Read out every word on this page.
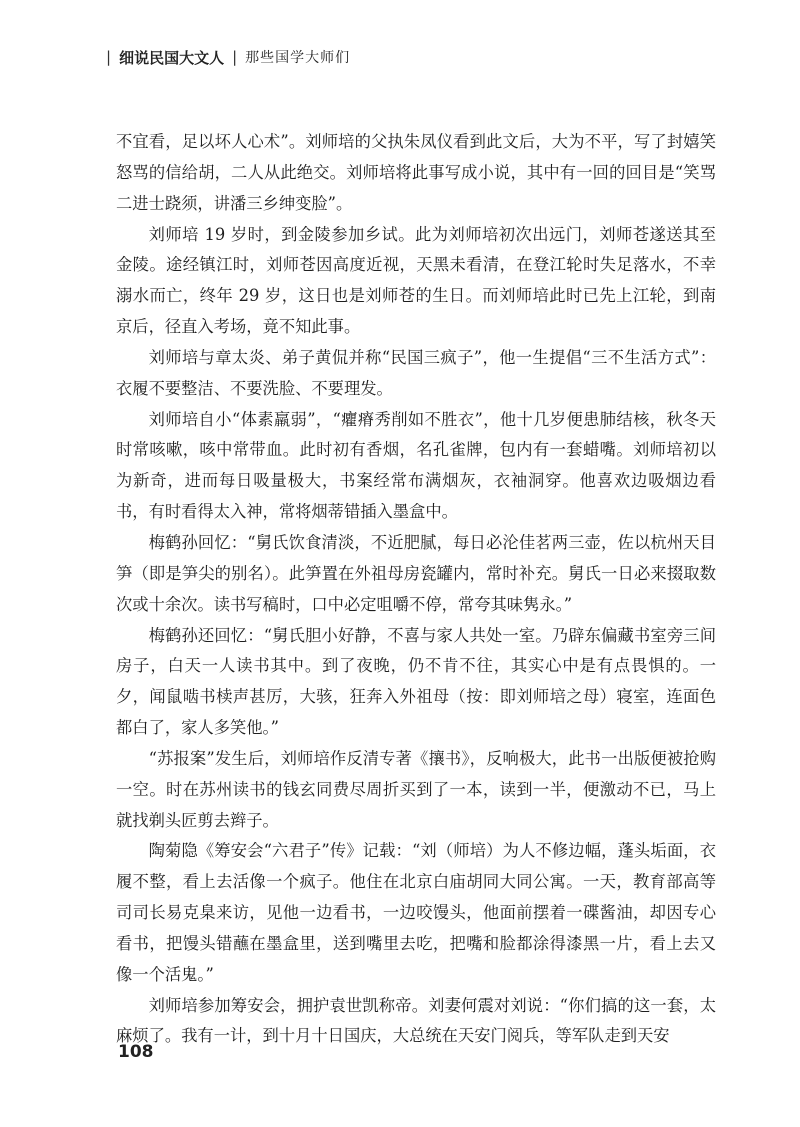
| 细说民国大文人 | 那些国学大师们

不宜看，足以坏人心术”。刘师培的父执朱凤仪看到此文后，大为不平，写了封嬉笑怒骂的信给胡，二人从此绝交。刘师培将此事写成小说，其中有一回的回目是“笑骂二进士跷须，讲潘三乡绅变脸”。

刘师培 19 岁时，到金陵参加乡试。此为刘师培初次出远门，刘师苍遂送其至金陵。途经镇江时，刘师苍因高度近视，天黑未看清，在登江轮时失足落水，不幸溺水而亡，终年 29 岁，这日也是刘师苍的生日。而刘师培此时已先上江轮，到南京后，径直入考场，竟不知此事。

刘师培与章太炎、弟子黄侃并称“民国三疯子”，他一生提倡“三不生活方式”：衣履不要整洁、不要洗脸、不要理发。

刘师培自小“体素羸弱”，“癯瘠秀削如不胜衣”，他十几岁便患肺结核，秋冬天时常咳嗽，咳中常带血。此时初有香烟，名孔雀牌，包内有一套蜡嘴。刘师培初以为新奇，进而每日吸量极大，书案经常布满烟灰，衣袖洞穿。他喜欢边吸烟边看书，有时看得太入神，常将烟蒂错插入墨盒中。

梅鹤孙回忆：“舅氏饮食清淡，不近肥腻，每日必沦佳茗两三壶，佐以杭州天目笋（即是笋尖的别名）。此笋置在外祖母房瓷罐内，常时补充。舅氏一日必来掇取数次或十余次。读书写稿时，口中必定咀嚼不停，常夸其味隽永。”

梅鹤孙还回忆：“舅氏胆小好静，不喜与家人共处一室。乃辟东偏藏书室旁三间房子，白天一人读书其中。到了夜晚，仍不肯不往，其实心中是有点畏惧的。一夕，闻鼠啮书椟声甚厉，大骇，狂奔入外祖母（按：即刘师培之母）寝室，连面色都白了，家人多笑他。”

“苏报案”发生后，刘师培作反清专著《攘书》，反响极大，此书一出版便被抢购一空。时在苏州读书的钱玄同费尽周折买到了一本，读到一半，便激动不已，马上就找剃头匠剪去辫子。

陶菊隐《筹安会“六君子”传》记载：“刘（师培）为人不修边幅，蓬头垢面，衣履不整，看上去活像一个疯子。他住在北京白庙胡同大同公寓。一天，教育部高等司司长易克臬来访，见他一边看书，一边咬馒头，他面前摆着一碟酱油，却因专心看书，把馒头错蘸在墨盒里，送到嘴里去吃，把嘴和脸都涂得漆黑一片，看上去又像一个活鬼。”

刘师培参加筹安会，拥护袁世凯称帝。刘妻何震对刘说：“你们搞的这一套，太麻烦了。我有一计，到十月十日国庆，大总统在天安门阅兵，等军队走到天安

108
